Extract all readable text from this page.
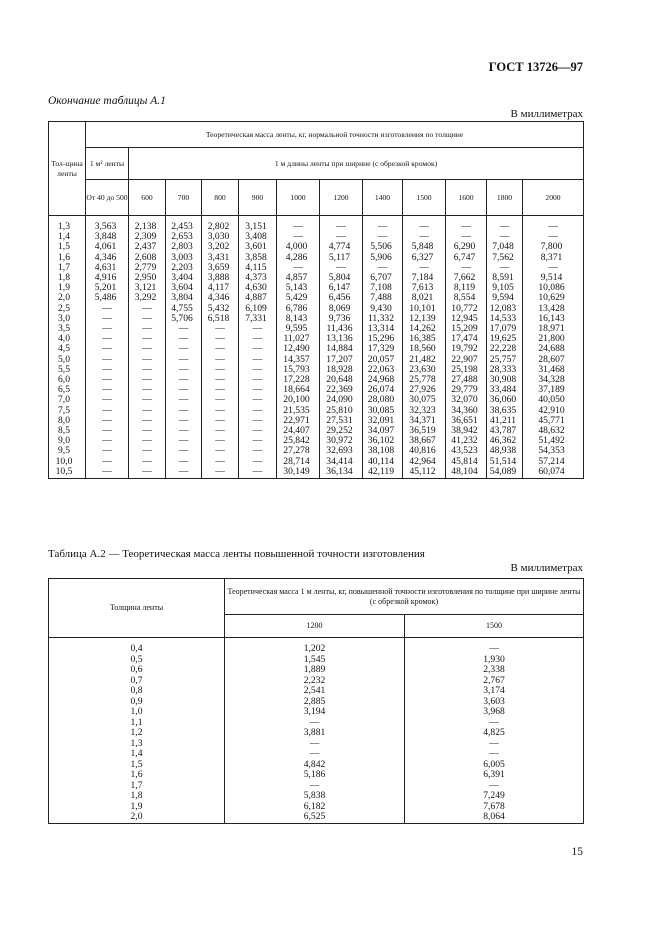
ГОСТ 13726—97
Окончание таблицы А.1
В миллиметрах
Тол-щина ленты	Теоретическая масса ленты, кг, нормальной точности изготовления по толщине											
	1 м² ленты	1 м длины ленты при ширине (с обрезкой кромок)										
	От 40 до 500	600	700	800	900	1000	1200	1400	1500	1600	1800	2000
1,3	3,563	2,138	2,453	2,802	3,151	—	—	—	—	—	—	—
1,4	3,848	2,309	2,653	3,030	3,408	—	—	—	—	—	—	—
1,5	4,061	2,437	2,803	3,202	3,601	4,000	4,774	5,506	5,848	6,290	7,048	7,800
1,6	4,346	2,608	3,003	3,431	3,858	4,286	5,117	5,906	6,327	6,747	7,562	8,371
1,7	4,631	2,779	2,203	3,659	4,115	—	—	—	—	—	—	—
1,8	4,916	2,950	3,404	3,888	4,373	4,857	5,804	6,707	7,184	7,662	8,591	9,514
1,9	5,201	3,121	3,604	4,117	4,630	5,143	6,147	7,108	7,613	8,119	9,105	10,086
2,0	5,486	3,292	3,804	4,346	4,887	5,429	6,456	7,488	8,021	8,554	9,594	10,629
2,5	—	—	4,755	5,432	6,109	6,786	8,069	9,430	10,101	10,772	12,083	13,428
3,0	—	—	5,706	6,518	7,331	8,143	9,736	11,332	12,139	12,945	14,533	16,143
3,5	—	—	—	—	—	9,595	11,436	13,314	14,262	15,209	17,079	18,971
4,0	—	—	—	—	—	11,027	13,136	15,296	16,385	17,474	19,625	21,800
4,5	—	—	—	—	—	12,490	14,884	17,329	18,560	19,792	22,228	24,688
5,0	—	—	—	—	—	14,357	17,207	20,057	21,482	22,907	25,757	28,607
5,5	—	—	—	—	—	15,793	18,928	22,063	23,630	25,198	28,333	31,468
6,0	—	—	—	—	—	17,228	20,648	24,968	25,778	27,488	30,908	34,328
6,5	—	—	—	—	—	18,664	22,369	26,074	27,926	29,779	33,484	37,189
7,0	—	—	—	—	—	20,100	24,090	28,080	30,075	32,070	36,060	40,050
7,5	—	—	—	—	—	21,535	25,810	30,085	32,323	34,360	38,635	42,910
8,0	—	—	—	—	—	22,971	27,531	32,091	34,371	36,651	41,211	45,771
8,5	—	—	—	—	—	24,407	29,252	34,097	36,519	38,942	43,787	48,632
9,0	—	—	—	—	—	25,842	30,972	36,102	38,667	41,232	46,362	51,492
9,5	—	—	—	—	—	27,278	32,693	38,108	40,816	43,523	48,938	54,353
10,0	—	—	—	—	—	28,714	34,414	40,114	42,964	45,814	51,514	57,214
10,5	—	—	—	—	—	30,149	36,134	42,119	45,112	48,104	54,089	60,074
Таблица А.2 — Теоретическая масса ленты повышенной точности изготовления
В миллиметрах
Толщина ленты	Теоретическая масса 1 м ленты, кг, повышенной точности изготовления по толщине при ширине ленты (с обрезкой кромок)	
	1200	1500
0,4	1,202	—
0,5	1,545	1,930
0,6	1,889	2,338
0,7	2,232	2,767
0,8	2,541	3,174
0,9	2,885	3,603
1,0	3,194	3,968
1,1	—	—
1,2	3,881	4,825
1,3	—	—
1,4	—	—
1,5	4,842	6,005
1,6	5,186	6,391
1,7	—	—
1,8	5,838	7,249
1,9	6,182	7,678
2,0	6,525	8,064
15
